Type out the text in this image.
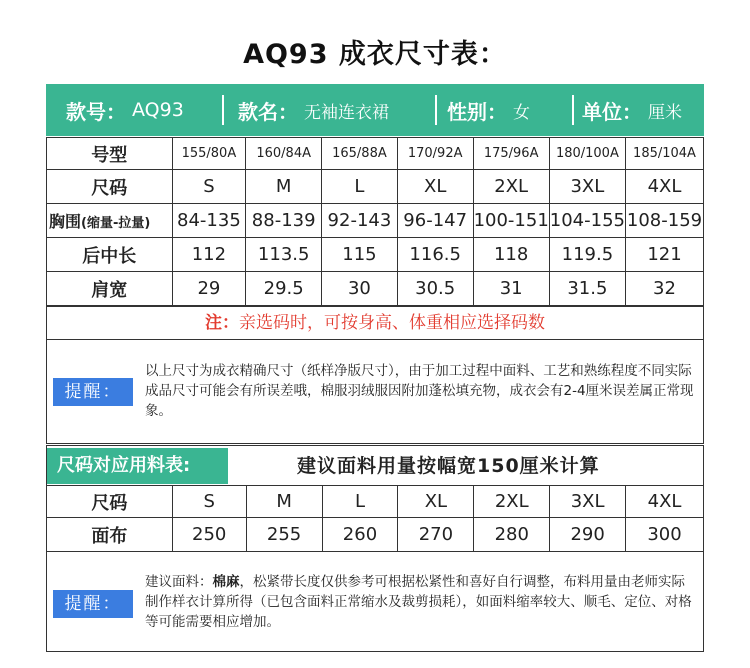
AQ93 成衣尺寸表：
款号： AQ93	款名： 无袖连衣裙	性别： 女	单位： 厘米
号型	155/80A	160/84A	165/88A	170/92A	175/96A	180/100A	185/104A
尺码	S	M	L	XL	2XL	3XL	4XL
胸围(缩量-拉量)	84-135	88-139	92-143	96-147	100-151	104-155	108-159
后中长	112	113.5	115	116.5	118	119.5	121
肩宽	29	29.5	30	30.5	31	31.5	32
注：亲选码时，可按身高、体重相应选择码数
提醒：
以上尺寸为成衣精确尺寸（纸样净版尺寸），由于加工过程中面料、工艺和熟练程度不同实际成品尺寸可能会有所误差哦，棉服羽绒服因附加蓬松填充物，成衣会有2-4厘米误差属正常现象。
尺码对应用料表:	建议面料用量按幅宽150厘米计算
尺码	S	M	L	XL	2XL	3XL	4XL
面布	250	255	260	270	280	290	300
提醒：
建议面料：棉麻，松紧带长度仅供参考可根据松紧性和喜好自行调整，布料用量由老师实际制作样衣计算所得（已包含面料正常缩水及裁剪损耗），如面料缩率较大、顺毛、定位、对格等可能需要相应增加。
